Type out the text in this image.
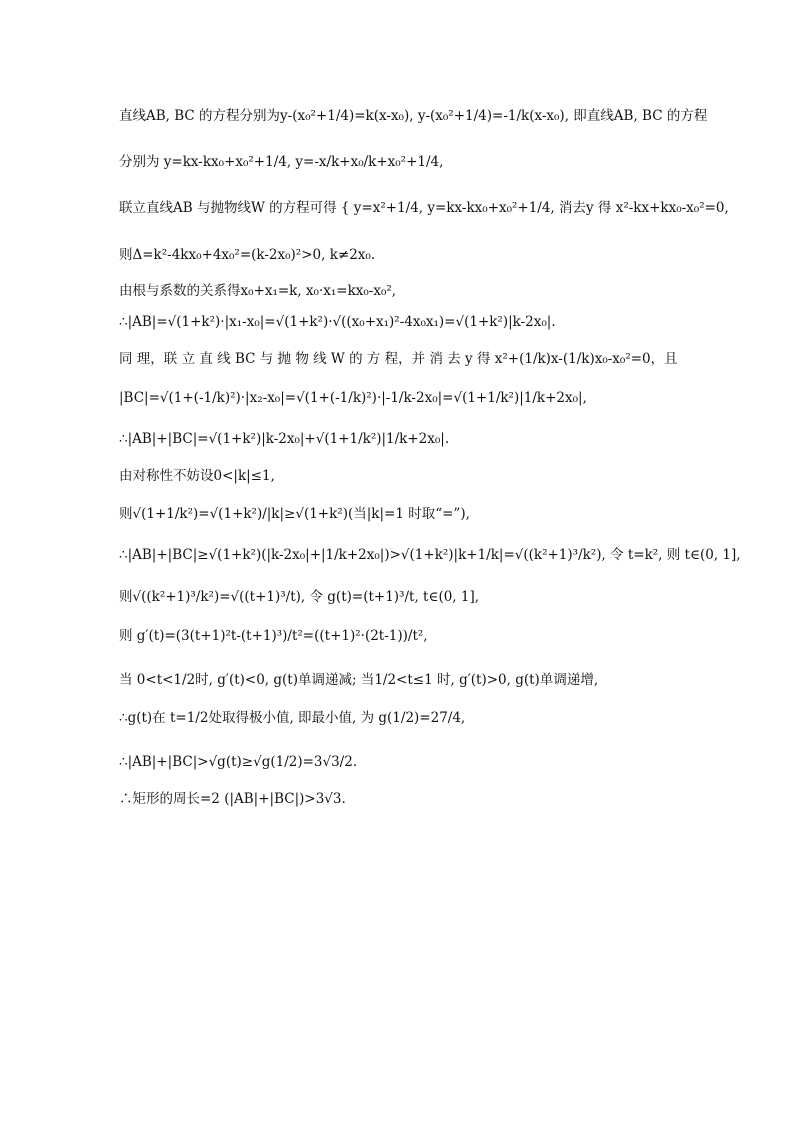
直线AB, BC 的方程分别为y-(x₀²+1/4)=k(x-x₀), y-(x₀²+1/4)=-1/k(x-x₀), 即直线AB, BC 的方程
分别为 y=kx-kx₀+x₀²+1/4, y=-x/k+x₀/k+x₀²+1/4,
联立直线AB 与抛物线W 的方程可得 { y=x²+1/4, y=kx-kx₀+x₀²+1/4, 消去y 得 x²-kx+kx₀-x₀²=0,
则Δ=k²-4kx₀+4x₀²=(k-2x₀)²>0, k≠2x₀.
由根与系数的关系得x₀+x₁=k, x₀·x₁=kx₀-x₀²,
∴|AB|=√(1+k²)·|x₁-x₀|=√(1+k²)·√((x₀+x₁)²-4x₀x₁)=√(1+k²)|k-2x₀|.
同 理，联 立 直 线 BC 与 抛 物 线 W 的 方 程，并 消 去 y 得 x²+(1/k)x-(1/k)x₀-x₀²=0，且
|BC|=√(1+(-1/k)²)·|x₂-x₀|=√(1+(-1/k)²)·|-1/k-2x₀|=√(1+1/k²)|1/k+2x₀|,
∴|AB|+|BC|=√(1+k²)|k-2x₀|+√(1+1/k²)|1/k+2x₀|.
由对称性不妨设0<|k|≤1,
则√(1+1/k²)=√(1+k²)/|k|≥√(1+k²)(当|k|=1 时取“=”),
∴|AB|+|BC|≥√(1+k²)(|k-2x₀|+|1/k+2x₀|)>√(1+k²)|k+1/k|=√((k²+1)³/k²), 令 t=k², 则 t∈(0, 1],
则√((k²+1)³/k²)=√((t+1)³/t), 令 g(t)=(t+1)³/t, t∈(0, 1],
则 g′(t)=(3(t+1)²t-(t+1)³)/t²=((t+1)²·(2t-1))/t²,
当 0<t<1/2时, g′(t)<0, g(t)单调递减; 当1/2<t≤1 时, g′(t)>0, g(t)单调递增,
∴g(t)在 t=1/2处取得极小值, 即最小值, 为 g(1/2)=27/4,
∴|AB|+|BC|>√g(t)≥√g(1/2)=3√3/2.
∴矩形的周长=2 (|AB|+|BC|)>3√3.
